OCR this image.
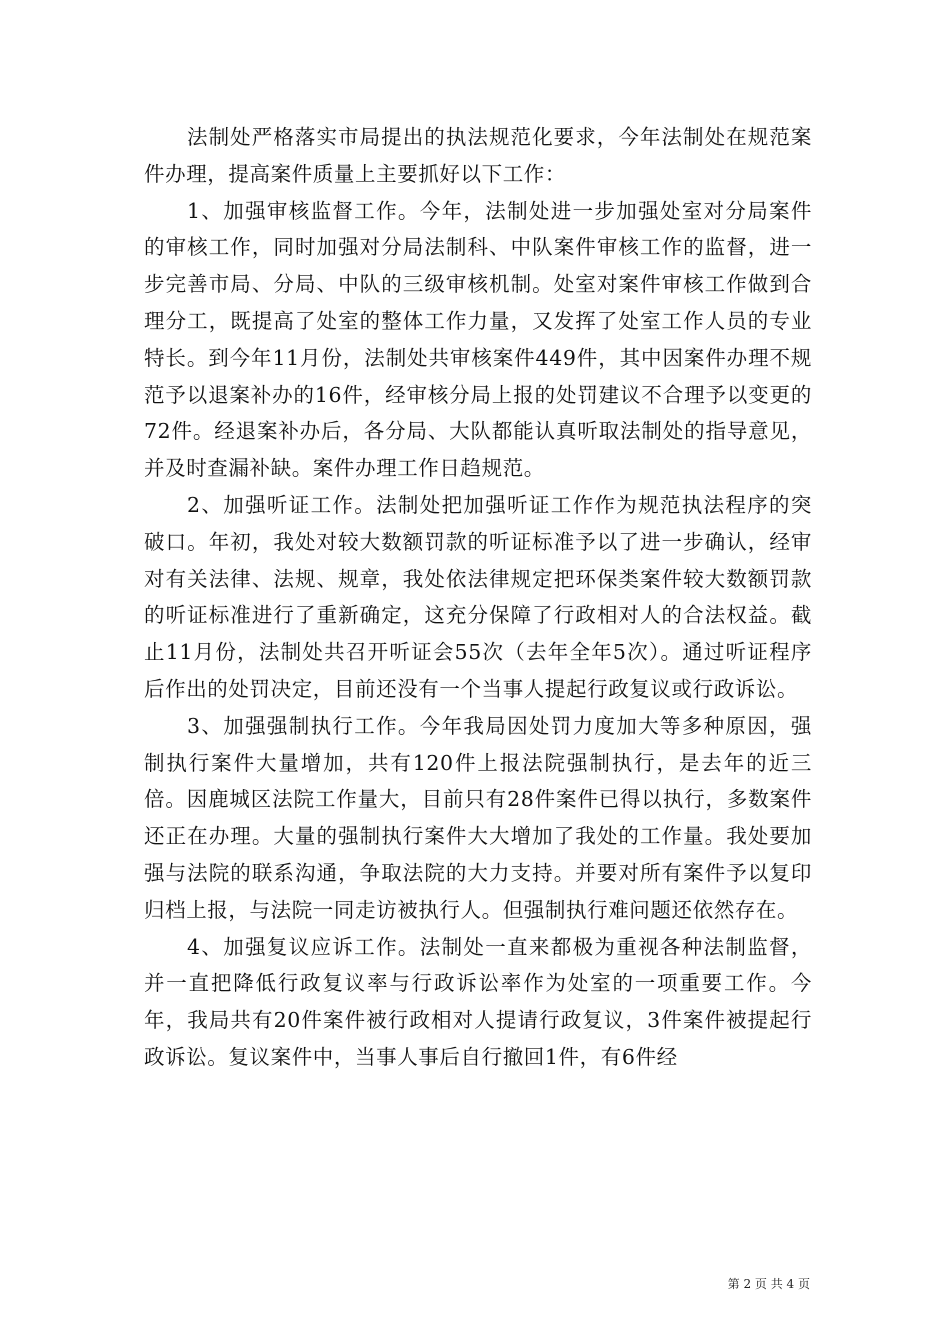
法制处严格落实市局提出的执法规范化要求，今年法制处在规范案件办理，提高案件质量上主要抓好以下工作：

1、加强审核监督工作。今年，法制处进一步加强处室对分局案件的审核工作，同时加强对分局法制科、中队案件审核工作的监督，进一步完善市局、分局、中队的三级审核机制。处室对案件审核工作做到合理分工，既提高了处室的整体工作力量，又发挥了处室工作人员的专业特长。到今年11月份，法制处共审核案件449件，其中因案件办理不规范予以退案补办的16件，经审核分局上报的处罚建议不合理予以变更的72件。经退案补办后，各分局、大队都能认真听取法制处的指导意见，并及时查漏补缺。案件办理工作日趋规范。

2、加强听证工作。法制处把加强听证工作作为规范执法程序的突破口。年初，我处对较大数额罚款的听证标准予以了进一步确认，经审对有关法律、法规、规章，我处依法律规定把环保类案件较大数额罚款的听证标准进行了重新确定，这充分保障了行政相对人的合法权益。截止11月份，法制处共召开听证会55次（去年全年5次）。通过听证程序后作出的处罚决定，目前还没有一个当事人提起行政复议或行政诉讼。

3、加强强制执行工作。今年我局因处罚力度加大等多种原因，强制执行案件大量增加，共有120件上报法院强制执行，是去年的近三倍。因鹿城区法院工作量大，目前只有28件案件已得以执行，多数案件还正在办理。大量的强制执行案件大大增加了我处的工作量。我处要加强与法院的联系沟通，争取法院的大力支持。并要对所有案件予以复印归档上报，与法院一同走访被执行人。但强制执行难问题还依然存在。

4、加强复议应诉工作。法制处一直来都极为重视各种法制监督，并一直把降低行政复议率与行政诉讼率作为处室的一项重要工作。今年，我局共有20件案件被行政相对人提请行政复议，3件案件被提起行政诉讼。复议案件中，当事人事后自行撤回1件，有6件经

第 2 页 共 4 页
